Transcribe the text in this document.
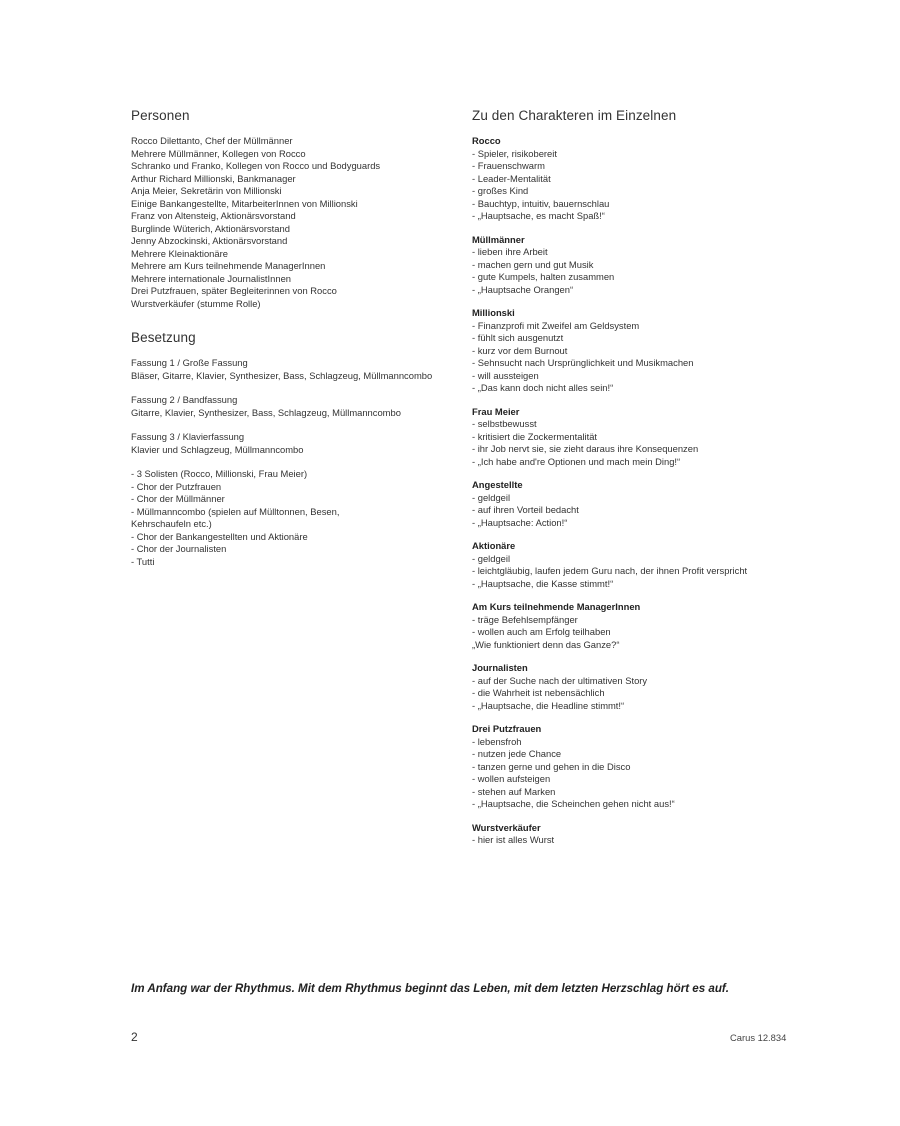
Personen
Rocco Dilettanto, Chef der Müllmänner
Mehrere Müllmänner, Kollegen von Rocco
Schranko und Franko, Kollegen von Rocco und Bodyguards
Arthur Richard Millionski, Bankmanager
Anja Meier, Sekretärin von Millionski
Einige Bankangestellte, MitarbeiterInnen von Millionski
Franz von Altensteig, Aktionärsvorstand
Burglinde Wüterich, Aktionärsvorstand
Jenny Abzockinski, Aktionärsvorstand
Mehrere Kleinaktionäre
Mehrere am Kurs teilnehmende ManagerInnen
Mehrere internationale JournalistInnen
Drei Putzfrauen, später Begleiterinnen von Rocco
Wurstverkäufer (stumme Rolle)
Besetzung
Fassung 1 / Große Fassung
Bläser, Gitarre, Klavier, Synthesizer, Bass, Schlagzeug, Müllmanncombo
Fassung 2 / Bandfassung
Gitarre, Klavier, Synthesizer, Bass, Schlagzeug, Müllmanncombo
Fassung 3 / Klavierfassung
Klavier und Schlagzeug, Müllmanncombo
- 3 Solisten (Rocco, Millionski, Frau Meier)
- Chor der Putzfrauen
- Chor der Müllmänner
- Müllmanncombo (spielen auf Mülltonnen, Besen,
Kehrschaufeln etc.)
- Chor der Bankangestellten und Aktionäre
- Chor der Journalisten
- Tutti
Zu den Charakteren im Einzelnen
Rocco
- Spieler, risikobereit
- Frauenschwarm
- Leader-Mentalität
- großes Kind
- Bauchtyp, intuitiv, bauernschlau
- „Hauptsache, es macht Spaß!“
Müllmänner
- lieben ihre Arbeit
- machen gern und gut Musik
- gute Kumpels, halten zusammen
- „Hauptsache Orangen“
Millionski
- Finanzprofi mit Zweifel am Geldsystem
- fühlt sich ausgenutzt
- kurz vor dem Burnout
- Sehnsucht nach Ursprünglichkeit und Musikmachen
- will aussteigen
- „Das kann doch nicht alles sein!“
Frau Meier
- selbstbewusst
- kritisiert die Zockermentalität
- ihr Job nervt sie, sie zieht daraus ihre Konsequenzen
- „Ich habe and're Optionen und mach mein Ding!“
Angestellte
- geldgeil
- auf ihren Vorteil bedacht
- „Hauptsache: Action!“
Aktionäre
- geldgeil
- leichtgläubig, laufen jedem Guru nach, der ihnen Profit verspricht
- „Hauptsache, die Kasse stimmt!“
Am Kurs teilnehmende ManagerInnen
- träge Befehlsempfänger
- wollen auch am Erfolg teilhaben
„Wie funktioniert denn das Ganze?“
Journalisten
- auf der Suche nach der ultimativen Story
- die Wahrheit ist nebensächlich
- „Hauptsache, die Headline stimmt!“
Drei Putzfrauen
- lebensfroh
- nutzen jede Chance
- tanzen gerne und gehen in die Disco
- wollen aufsteigen
- stehen auf Marken
- „Hauptsache, die Scheinchen gehen nicht aus!“
Wurstverkäufer
- hier ist alles Wurst
Im Anfang war der Rhythmus. Mit dem Rhythmus beginnt das Leben, mit dem letzten Herzschlag hört es auf.
2	Carus 12.834
